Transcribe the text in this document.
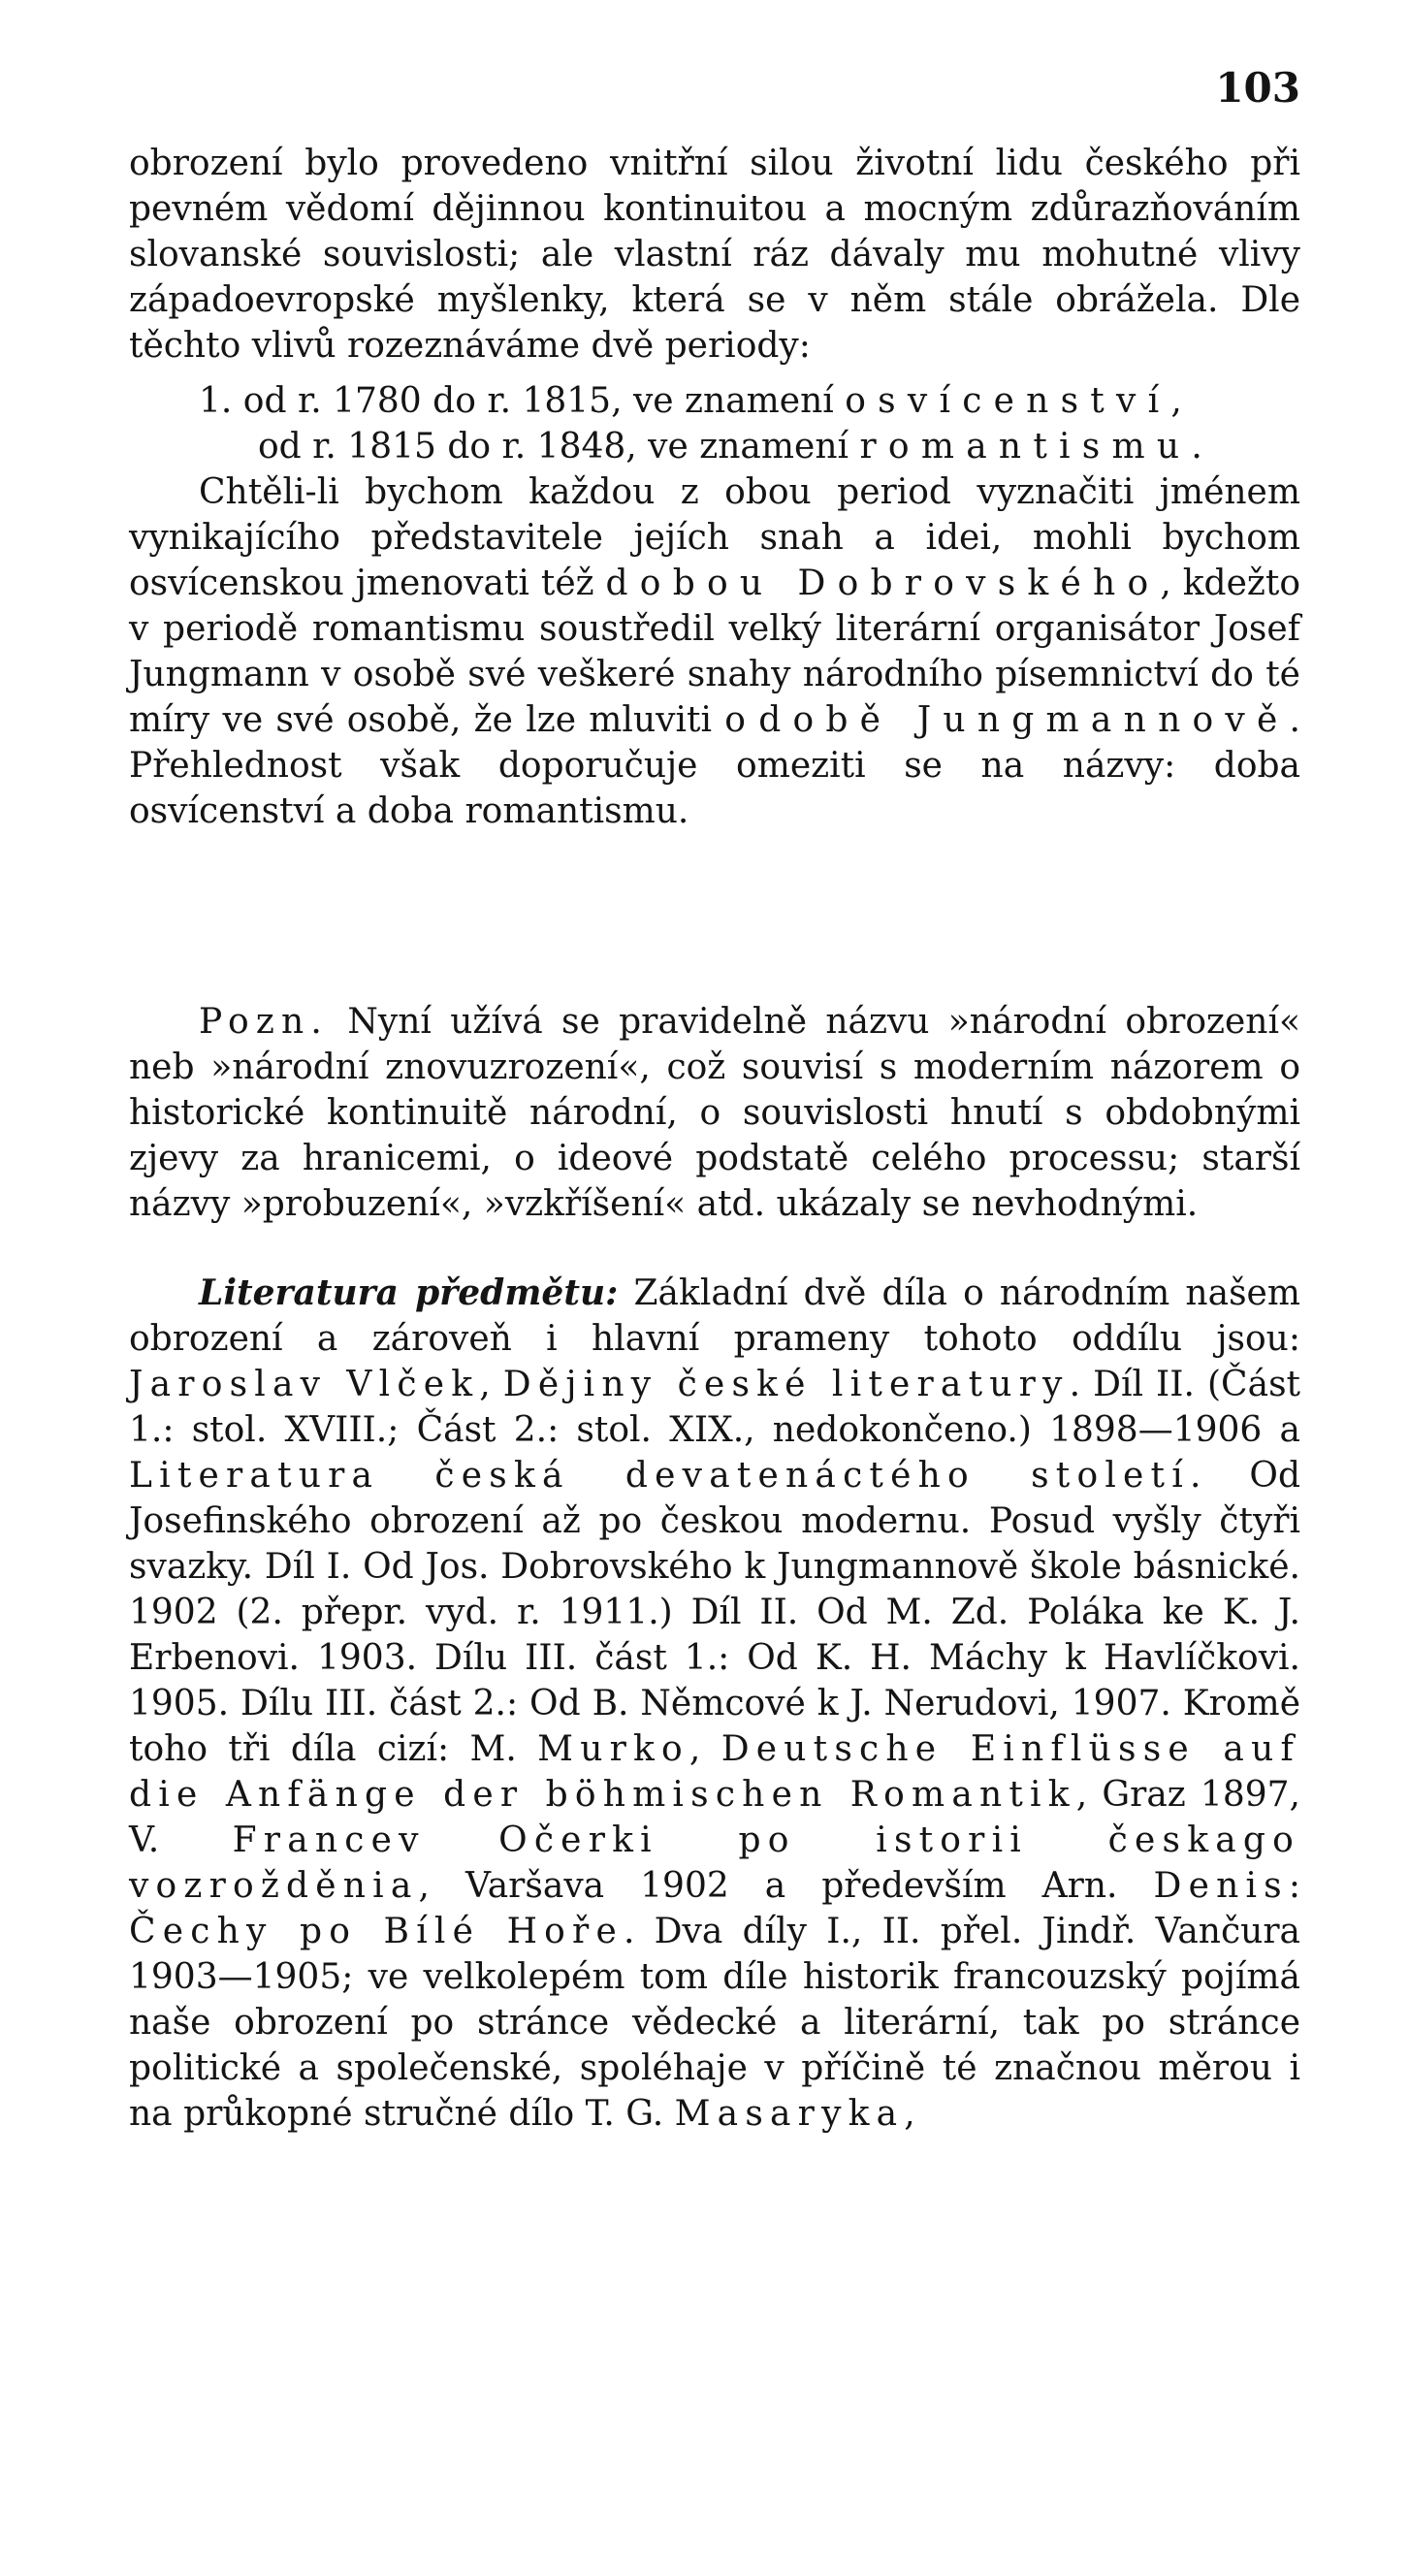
103

obrození bylo provedeno vnitřní silou životní lidu českého při pevném vědomí dějinnou kontinuitou a mocným zdůrazňováním slovanské souvislosti; ale vlastní ráz dávaly mu mohutné vlivy západoevropské myšlenky, která se v něm stále obrážela. Dle těchto vlivů rozeznáváme dvě periody:

1. od r. 1780 do r. 1815, ve znamení osvícenství,
od r. 1815 do r. 1848, ve znamení romantismu.

Chtěli-li bychom každou z obou period vyznačiti jménem vynikajícího představitele jejích snah a idei, mohli bychom osvícenskou jmenovati též dobou Dobrovského, kdežto v periodě romantismu soustředil velký literární organisátor Josef Jungmann v osobě své veškeré snahy národního písemnictví do té míry ve své osobě, že lze mluviti o době Jungmannově. Přehlednost však doporučuje omeziti se na názvy: doba osvícenství a doba romantismu.

Pozn. Nyní užívá se pravidelně názvu »národní obrození« neb »národní znovuzrození«, což souvisí s moderním názorem o historické kontinuitě národní, o souvislosti hnutí s obdobnými zjevy za hranicemi, o ideové podstatě celého processu; starší názvy »probuzení«, »vzkříšení« atd. ukázaly se nevhodnými.

Literatura předmětu: Základní dvě díla o národním našem obrození a zároveň i hlavní prameny tohoto oddílu jsou: Jaroslav Vlček, Dějiny české literatury. Díl II. (Část 1.: stol. XVIII.; Část 2.: stol. XIX., nedokončeno.) 1898—1906 a Literatura česká devatenáctého století. Od Josefinského obrození až po českou modernu. Posud vyšly čtyři svazky. Díl I. Od Jos. Dobrovského k Jungmannově škole básnické. 1902 (2. přepr. vyd. r. 1911.) Díl II. Od M. Zd. Poláka ke K. J. Erbenovi. 1903. Dílu III. část 1.: Od K. H. Máchy k Havlíčkovi. 1905. Dílu III. část 2.: Od B. Němcové k J. Nerudovi, 1907. Kromě toho tři díla cizí: M. Murko, Deutsche Einflüsse auf die Anfänge der böhmischen Romantik, Graz 1897, V. Francev Očerki po istorii českago vozrožděnia, Varšava 1902 a především Arn. Denis: Čechy po Bílé Hoře. Dva díly I., II. přel. Jindř. Vančura 1903—1905; ve velkolepém tom díle historik francouzský pojímá naše obrození po stránce vědecké a literární, tak po stránce politické a společenské, spoléhaje v příčině té značnou měrou i na průkopné stručné dílo T. G. Masaryka,
